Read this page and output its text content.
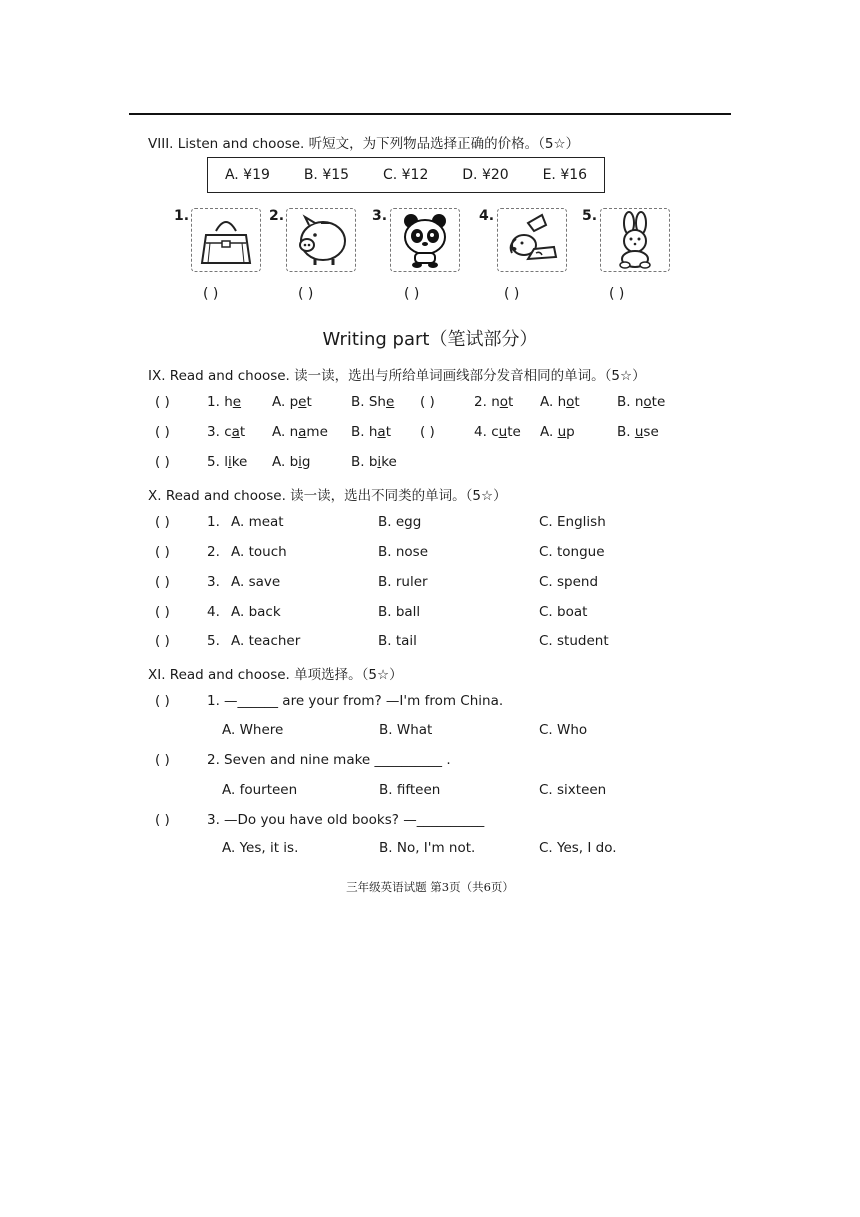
VIII. Listen and choose. 听短文，为下列物品选择正确的价格。（5☆）
A. ¥19 B. ¥15 C. ¥12 D. ¥20 E. ¥16
1.	2.	3.	4.	5.
( )	( )	( )	( )	( )
Writing part（笔试部分）
IX. Read and choose. 读一读，选出与所给单词画线部分发音相同的单词。（5☆）
( )	1. he A. pet	B. She ( )	2. not A. hot	B. note
( )	3. cat A. name B. hat ( )	4. cute A. up	B. use
( )	5. like A. big	B. bike
X. Read and choose. 读一读，选出不同类的单词。（5☆）
( )	1. A. meat	B. egg	C. English
( )	2. A. touch	B. nose	C. tongue
( )	3. A. save	B. ruler	C. spend
( )	4. A. back	B. ball	C. boat
( )	5. A. teacher	B. tail	C. student
XI. Read and choose. 单项选择。（5☆）
( )	1. —______ are your from? —I'm from China.
A. Where	B. What	C. Who
( )	2. Seven and nine make __________ .
A. fourteen	B. fifteen	C. sixteen
( )	3. —Do you have old books? —__________
A. Yes, it is.	B. No, I'm not.	C. Yes, I do.
三年级英语试题 第3页（共6页）
